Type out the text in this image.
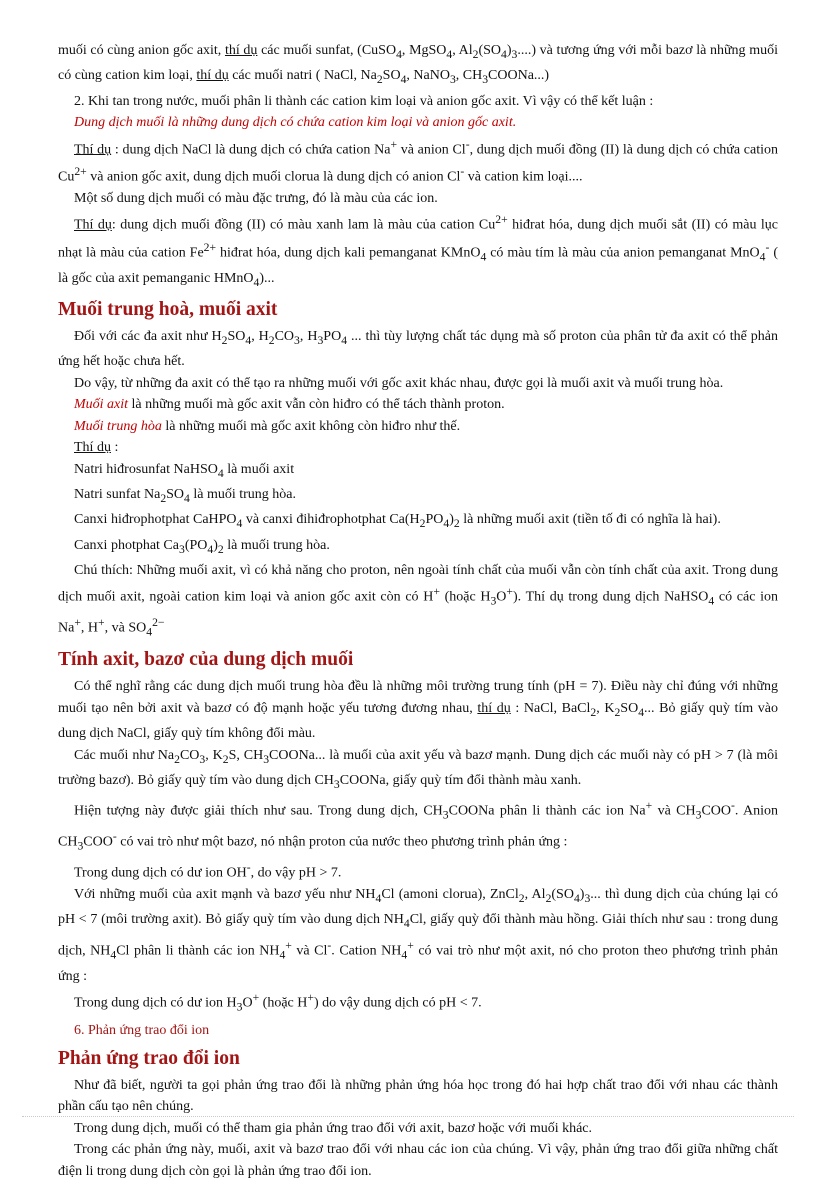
muối có cùng anion gốc axit, thí dụ các muối sunfat, (CuSO$_4$, MgSO$_4$, $Al_2(SO_4)_3$....) và tương ứng với mỗi bazơ là những muối có cùng cation kim loại, thí dụ các muối natri ( NaCl, $Na_2SO_4$, NaNO$_3$, $CH_3COONa$...)

2. Khi tan trong nước, muối phân li thành các cation kim loại và anion gốc axit. Vì vậy có thể kết luận :

Dung dịch muối là những dung dịch có chứa cation kim loại và anion gốc axit.

Thí dụ : dung dịch NaCl là dung dịch có chứa cation Na+ và anion Cl-, dung dịch muối đồng (II) là dung dịch có chứa cation $Cu^{2+}$ và anion gốc axit, dung dịch muối clorua là dung dịch có anion Cl- và cation kim loại....

Một số dung dịch muối có màu đặc trưng, đó là màu của các ion.

Thí dụ: dung dịch muối đồng (II) có màu xanh lam là màu của cation $Cu^{2+}$ hiđrat hóa, dung dịch muối sắt (II) có màu lục nhạt là màu của cation $Fe^{2+}$ hiđrat hóa, dung dịch kali pemanganat KMnO$_4$ có màu tím là màu của anion pemanganat MnO$_4$- ( là gốc của axit pemanganic HMnO$_4$)...

Muối trung hoà, muối axit

Đối với các đa axit như $H_2SO_4$, $H_2CO_3$, $H_3PO_4$ ... thì tùy lượng chất tác dụng mà số proton của phân tử đa axit có thể phản ứng hết hoặc chưa hết.

Do vậy, từ những đa axit có thể tạo ra những muối với gốc axit khác nhau, được gọi là muối axit và muối trung hòa.

Muối axit là những muối mà gốc axit vẫn còn hiđro có thể tách thành proton.

Muối trung hòa là những muối mà gốc axit không còn hiđro như thế.

Thí dụ :

Natri hiđrosunfat NaHSO$_4$ là muối axit

Natri sunfat $Na_2SO_4$ là muối trung hòa.

Canxi hiđrophotphat CaHPO$_4$ và canxi đihiđrophotphat $Ca(H_2PO_4)_2$ là những muối axit (tiền tố đi có nghĩa là hai).

Canxi photphat $Ca_3(PO_4)_2$ là muối trung hòa.

Chú thích: Những muối axit, vì có khả năng cho proton, nên ngoài tính chất của muối vẫn còn tính chất của axit. Trong dung dịch muối axit, ngoài cation kim loại và anion gốc axit còn có H+ (hoặc $H_3O^+$). Thí dụ trong dung dịch NaHSO$_4$ có các ion Na+, H+, và $SO_4^{2-}$

Tính axit, bazơ của dung dịch muối

Có thể nghĩ rằng các dung dịch muối trung hòa đều là những môi trường trung tính (pH = 7). Điều này chỉ đúng với những muối tạo nên bởi axit và bazơ có độ mạnh hoặc yếu tương đương nhau, thí dụ : NaCl, BaCl$_2$, $K_2SO_4$... Bỏ giấy quỳ tím vào dung dịch NaCl, giấy quỳ tím không đổi màu.

Các muối như $Na_2CO_3$, $K_2S$, $CH_3COONa$... là muối của axit yếu và bazơ mạnh. Dung dịch các muối này có pH > 7 (là môi trường bazơ). Bỏ giấy quỳ tím vào dung dịch $CH_3COONa$, giấy quỳ tím đổi thành màu xanh.

Hiện tượng này được giải thích như sau. Trong dung dịch, $CH_3COONa$ phân li thành các ion Na+ và $CH_3COO^-$. Anion $CH_3COO^-$ có vai trò như một bazơ, nó nhận proton của nước theo phương trình phản ứng :

Trong dung dịch có dư ion OH-, do vậy pH > 7.

Với những muối của axit mạnh và bazơ yếu như $NH_4Cl$ (amoni clorua), ZnCl$_2$, $Al_2(SO_4)_3$... thì dung dịch của chúng lại có pH < 7 (môi trường axit). Bỏ giấy quỳ tím vào dung dịch $NH_4Cl$, giấy quỳ đổi thành màu hồng. Giải thích như sau : trong dung dịch, $NH_4Cl$ phân li thành các ion $NH_4^+$ và Cl-. Cation $NH_4^+$ có vai trò như một axit, nó cho proton theo phương trình phản ứng :

Trong dung dịch có dư ion $H_3O^+$ (hoặc H+) do vậy dung dịch có pH < 7.

6. Phản ứng trao đổi ion

Phản ứng trao đổi ion

Như đã biết, người ta gọi phản ứng trao đổi là những phản ứng hóa học trong đó hai hợp chất trao đổi với nhau các thành phần cấu tạo nên chúng.

Trong dung dịch, muối có thể tham gia phản ứng trao đổi với axit, bazơ hoặc với muối khác.

Trong các phản ứng này, muối, axit và bazơ trao đổi với nhau các ion của chúng. Vì vậy, phản ứng trao đổi giữa những chất điện li trong dung dịch còn gọi là phản ứng trao đổi ion.
